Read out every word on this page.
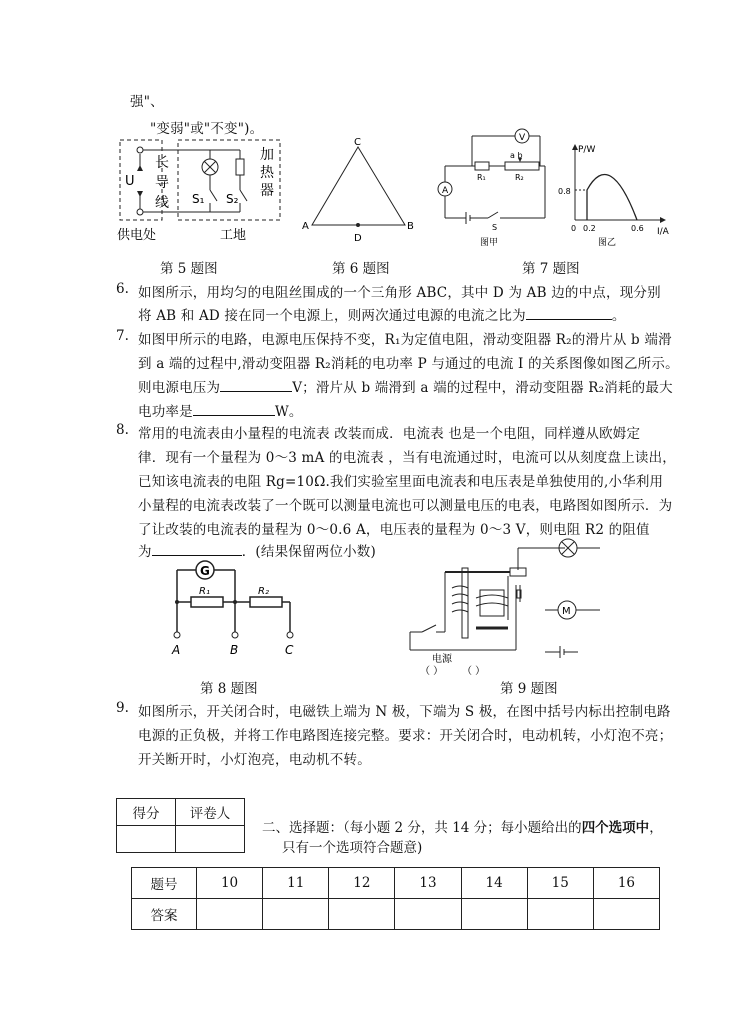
强"、
"变弱"或"不变")。
U
长
导
线
加
热
器
S₁ S₂
供电处	工地
第 5 题图
C
A	B
D
第 6 题图
V
a b
R₁	R₂
A
S
图甲
P/W
I/A
0.8
0 0.2	0.6
图乙
第 7 题图
6. 如图所示，用均匀的电阻丝围成的一个三角形 ABC，其中 D 为 AB 边的中点，现分别
将 AB 和 AD 接在同一个电源上，则两次通过电源的电流之比为	。
7. 如图甲所示的电路，电源电压保持不变，R₁为定值电阻，滑动变阻器 R₂的滑片从 b 端滑
到 a 端的过程中,滑动变阻器 R₂消耗的电功率 P 与通过的电流 I 的关系图像如图乙所示。
则电源电压为	V；滑片从 b 端滑到 a 端的过程中，滑动变阻器 R₂消耗的最大
电功率是	W。
8. 常用的电流表由小量程的电流表 改装而成．电流表 也是一个电阻，同样遵从欧姆定
律．现有一个量程为 0～3 mA 的电流表 ，当有电流通过时，电流可以从刻度盘上读出，
已知该电流表的电阻 Rg=10Ω.我们实验室里面电流表和电压表是单独使用的,小华利用
小量程的电流表改装了一个既可以测量电流也可以测量电压的电表，电路图如图所示．为
了让改装的电流表的量程为 0～0.6 A，电压表的量程为 0～3 V，则电阻 R2 的阻值
为	．(结果保留两位小数)
G
R₁	R₂
A	B	C
第 8 题图
电源
（ ） （ ）
M
第 9 题图
9. 如图所示，开关闭合时，电磁铁上端为 N 极，下端为 S 极，在图中括号内标出控制电路
电源的正负极，并将工作电路图连接完整。要求：开关闭合时，电动机转，小灯泡不亮；
开关断开时，小灯泡亮，电动机不转。
得分	评卷人

二、选择题：（每小题 2 分，共 14 分；每小题给出的四个选项中，
只有一个选项符合题意)
题号	10	11	12	13	14	15	16
答案							
